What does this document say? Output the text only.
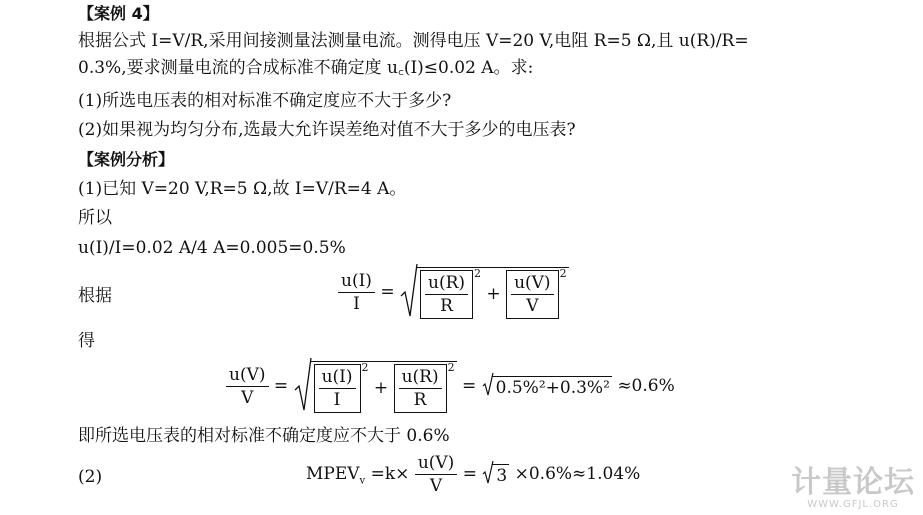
【案例 4】
根据公式 I=V/R,采用间接测量法测量电流。测得电压 V=20 V,电阻 R=5 Ω,且 u(R)/R=
0.3%,要求测量电流的合成标准不确定度 u꜀(I)≤0.02 A。求:
(1)所选电压表的相对标准不确定度应不大于多少?
(2)如果视为均匀分布,选最大允许误差绝对值不大于多少的电压表?
【案例分析】
(1)已知 V=20 V,R=5 Ω,故 I=V/R=4 A。
所以
u(I)/I=0.02 A/4 A=0.005=0.5%
根据	$\frac{u(I)}{I} = \frac{u(R)}{R} ^2 + \frac{u(V)}{V} ^2$
得
$\frac{u(V)}{V} = \frac{u(I)}{I} ^2 + \frac{u(R)}{R} ^2 = 0.5\%^2+0.3\%^2 \approx 0.6\%$
即所选电压表的相对标准不确定度应不大于 0.6%
(2)	$MPEV_v =k\times \frac{u(V)}{V} = 3 \times 0.6\%\approx 1.04\%$	计量论坛
WWW.GFJL.ORG
